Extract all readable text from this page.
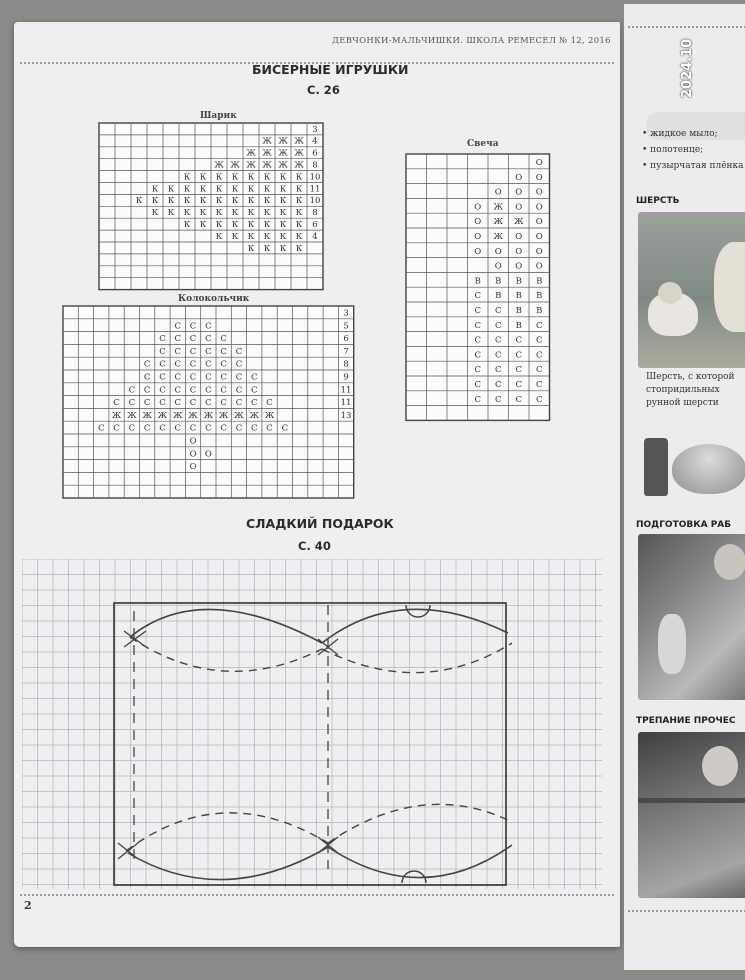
ДЕВЧОНКИ-МАЛЬЧИШКИ. ШКОЛА РЕМЕСЕЛ № 12, 2016
БИСЕРНЫЕ ИГРУШКИ
С. 26
Шарик
3
Ж Ж Ж 4
Ж Ж Ж Ж 6
Ж Ж Ж Ж Ж Ж 8
К К К К К К К К 10
К К К К К К К К К К 11
К К К К К К К К К К К 10
К К К К К К К К К К 8
К К К К К К К К 6
К К К К К К 4
К К К К
Свеча
О
О О
О О О
О Ж О О
О Ж Ж О
О Ж О О
О О О О
О О О
В В В В
С В В В
С С В В
С С В С
С С С С
С С С С
С С С С
С С С С
С С С С
Колокольчик
3
С С С	5
С С С С С	6
С С С С С С	7
С С С С С С С	8
С С С С С С С С	9
С С С С С С С С С	11
С С С С С С С С С С С	11
Ж Ж Ж Ж Ж Ж Ж Ж Ж Ж Ж	13
С С С С С С С С С С С С С
О
О О
О
СЛАДКИЙ ПОДАРОК
С. 40
2
• жидкое мыло;
• полотенце;
• пузырчатая плёнка
ШЕРСТЬ
Шерсть, с которой
стопридильных
рунной шерсти
ПОДГОТОВКА РАБ
ТРЕПАНИЕ ПРОЧЕС
2024.10
